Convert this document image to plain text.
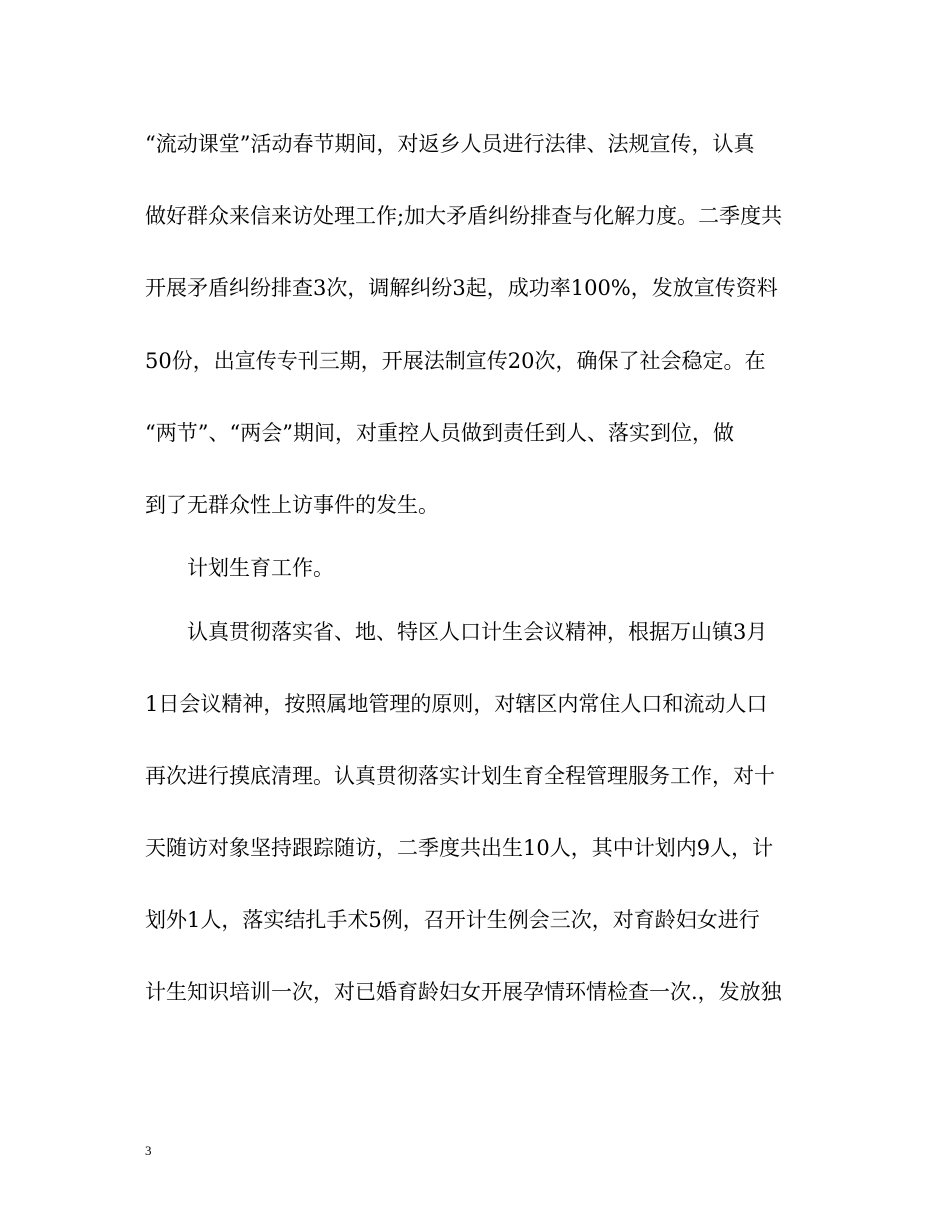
“流动课堂”活动春节期间，对返乡人员进行法律、法规宣传，认真
做好群众来信来访处理工作;加大矛盾纠纷排查与化解力度。二季度共
开展矛盾纠纷排查3次，调解纠纷3起，成功率100%，发放宣传资料
50份，出宣传专刊三期，开展法制宣传20次，确保了社会稳定。在
“两节”、“两会”期间，对重控人员做到责任到人、落实到位，做
到了无群众性上访事件的发生。
计划生育工作。
认真贯彻落实省、地、特区人口计生会议精神，根据万山镇3月
1日会议精神，按照属地管理的原则，对辖区内常住人口和流动人口
再次进行摸底清理。认真贯彻落实计划生育全程管理服务工作，对十
天随访对象坚持跟踪随访，二季度共出生10人，其中计划内9人，计
划外1人，落实结扎手术5例，召开计生例会三次，对育龄妇女进行
计生知识培训一次，对已婚育龄妇女开展孕情环情检查一次.，发放独
3
